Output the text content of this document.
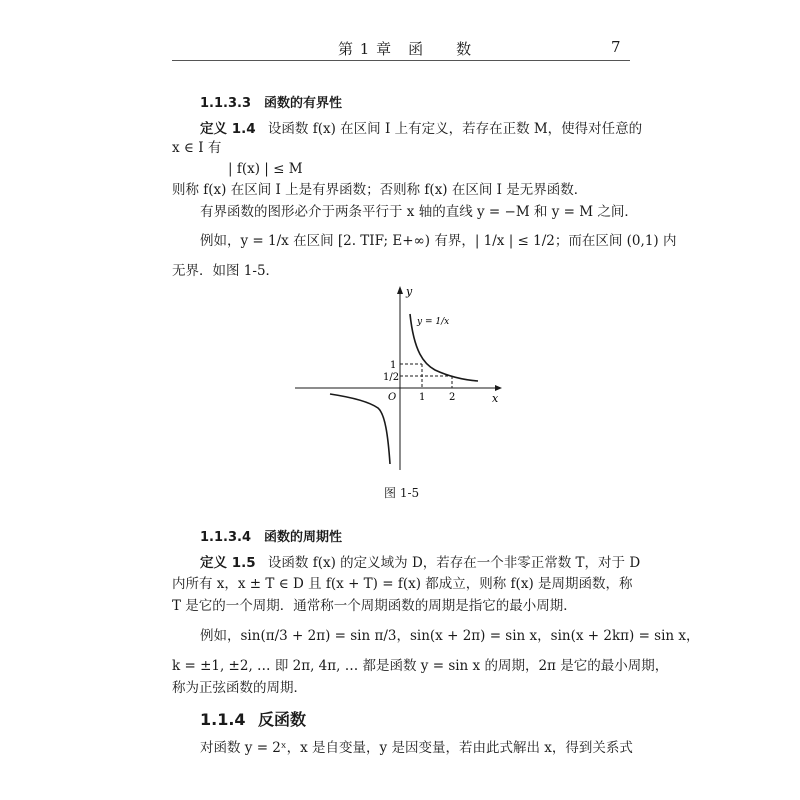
第 1 章　函　　数	7
1.1.3.3 函数的有界性
定义 1.4 设函数 f(x) 在区间 I 上有定义，若存在正数 M，使得对任意的
x ∈ I 有
| f(x) | ≤ M
则称 f(x) 在区间 I 上是有界函数；否则称 f(x) 在区间 I 是无界函数．
有界函数的图形必介于两条平行于 x 轴的直线 y = −M 和 y = M 之间．
例如，y = 1/x 在区间 [2. TIF; E+∞) 有界，| 1/x | ≤ 1/2；而在区间 (0,1) 内
无界．如图 1-5．
y
x
O 1 2
1
1/2
y = 1/x
图 1-5
1.1.3.4 函数的周期性
定义 1.5 设函数 f(x) 的定义域为 D，若存在一个非零正常数 T，对于 D
内所有 x，x ± T ∈ D 且 f(x + T) = f(x) 都成立，则称 f(x) 是周期函数，称
T 是它的一个周期．通常称一个周期函数的周期是指它的最小周期．
例如，sin(π/3 + 2π) = sin π/3，sin(x + 2π) = sin x，sin(x + 2kπ) = sin x，
k = ±1, ±2, … 即 2π, 4π, … 都是函数 y = sin x 的周期，2π 是它的最小周期，
称为正弦函数的周期．
1.1.4 反函数
对函数 y = 2ˣ，x 是自变量，y 是因变量，若由此式解出 x，得到关系式
